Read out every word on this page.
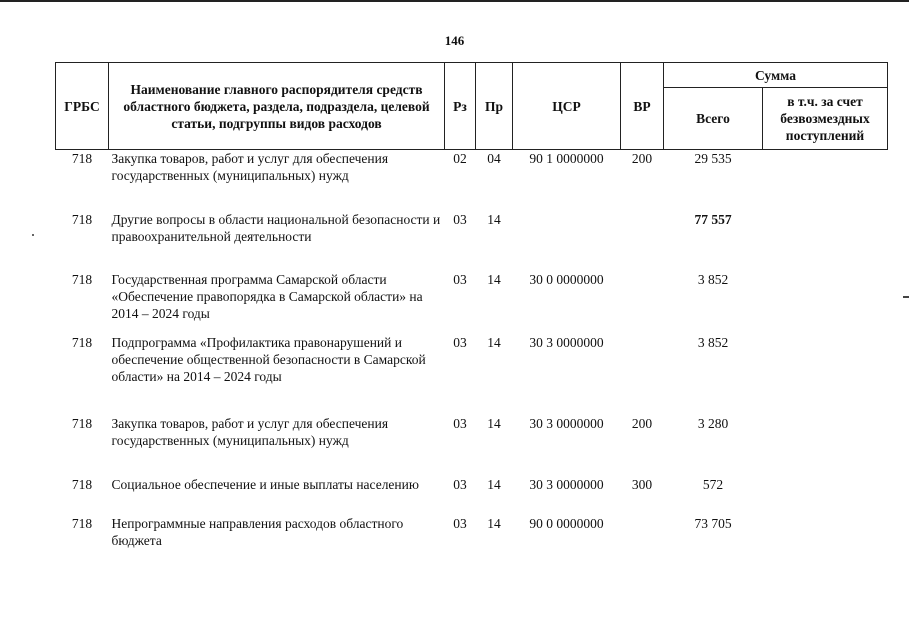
146
ГРБС	Наименование главного распорядителя средств областного бюджета, раздела, подраздела, целевой статьи, подгруппы видов расходов	Рз	Пр	ЦСР	ВР	Сумма	
						Всего	в т.ч. за счет безвозмездных поступлений
718	Закупка товаров, работ и услуг для обеспечения государственных (муниципальных) нужд	02	04	90 1 0000000	200	29 535	
718	Другие вопросы в области национальной безопасности и правоохранительной деятельности	03	14			77 557	
718	Государственная программа Самарской области «Обеспечение правопорядка в Самарской области» на 2014 – 2024 годы	03	14	30 0 0000000		3 852	
718	Подпрограмма «Профилактика правонарушений и обеспечение общественной безопасности в Самарской области» на 2014 – 2024 годы	03	14	30 3 0000000		3 852	
718	Закупка товаров, работ и услуг для обеспечения государственных (муниципальных) нужд	03	14	30 3 0000000	200	3 280	
718	Социальное обеспечение и иные выплаты населению	03	14	30 3 0000000	300	572	
718	Непрограммные направления расходов областного бюджета	03	14	90 0 0000000		73 705	
